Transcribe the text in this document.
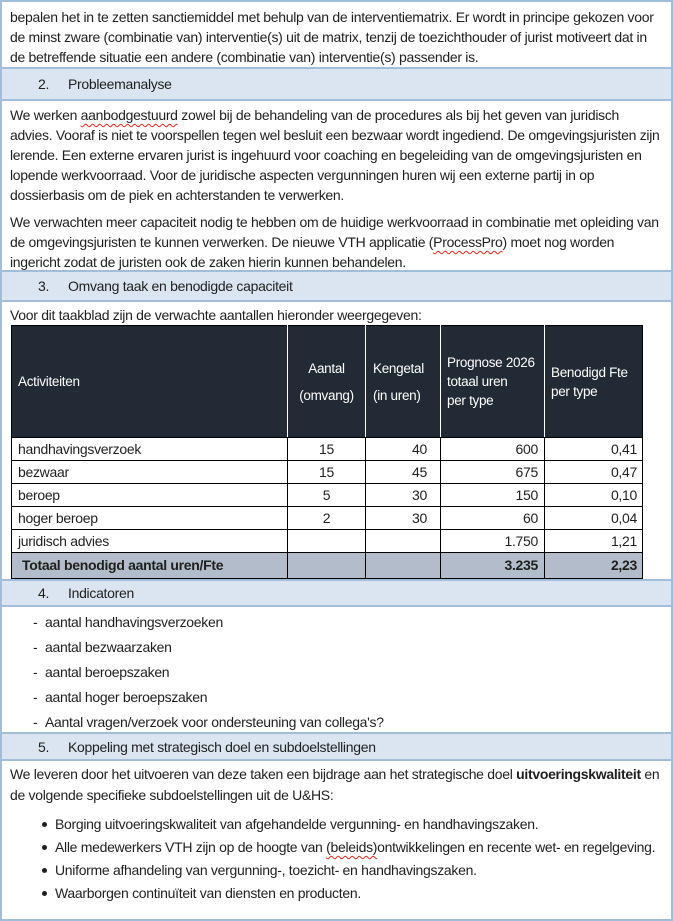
bepalen het in te zetten sanctiemiddel met behulp van de interventiematrix. Er wordt in principe gekozen voor de minst zware (combinatie van) interventie(s) uit de matrix, tenzij de toezichthouder of jurist motiveert dat in de betreffende situatie een andere (combinatie van) interventie(s) passender is.

2.	Probleemanalyse

We werken aanbodgestuurd zowel bij de behandeling van de procedures als bij het geven van juridisch advies. Vooraf is niet te voorspellen tegen wel besluit een bezwaar wordt ingediend. De omgevingsjuristen zijn lerende. Een externe ervaren jurist is ingehuurd voor coaching en begeleiding van de omgevingsjuristen en lopende werkvoorraad. Voor de juridische aspecten vergunningen huren wij een externe partij in op dossierbasis om de piek en achterstanden te verwerken.

We verwachten meer capaciteit nodig te hebben om de huidige werkvoorraad in combinatie met opleiding van de omgevingsjuristen te kunnen verwerken. De nieuwe VTH applicatie (ProcessPro) moet nog worden ingericht zodat de juristen ook de zaken hierin kunnen behandelen.

3.	Omvang taak en benodigde capaciteit

Voor dit taakblad zijn de verwachte aantallen hieronder weergegeven:

Activiteiten

Aantal
(omvang)

Kengetal
(in uren)

Prognose 2026
totaal uren
per type

Benodigd Fte
per type

handhavingsverzoek	15	40	600	0,41
bezwaar	15	45	675	0,47
beroep	5	30	150	0,10
hoger beroep	2	30	60	0,04
juridisch advies			1.750	1,21
Totaal benodigd aantal uren/Fte			3.235	2,23
4.	Indicatoren
- aantal handhavingsverzoeken
- aantal bezwaarzaken
- aantal beroepszaken
- aantal hoger beroepszaken
- Aantal vragen/verzoek voor ondersteuning van collega's?
5.	Koppeling met strategisch doel en subdoelstellingen

We leveren door het uitvoeren van deze taken een bijdrage aan het strategische doel uitvoeringskwaliteit en de volgende specifieke subdoelstellingen uit de U&HS:

Borging uitvoeringskwaliteit van afgehandelde vergunning- en handhavingszaken.
Alle medewerkers VTH zijn op de hoogte van (beleids)ontwikkelingen en recente wet- en regelgeving.
Uniforme afhandeling van vergunning-, toezicht- en handhavingszaken.
Waarborgen continuïteit van diensten en producten.
